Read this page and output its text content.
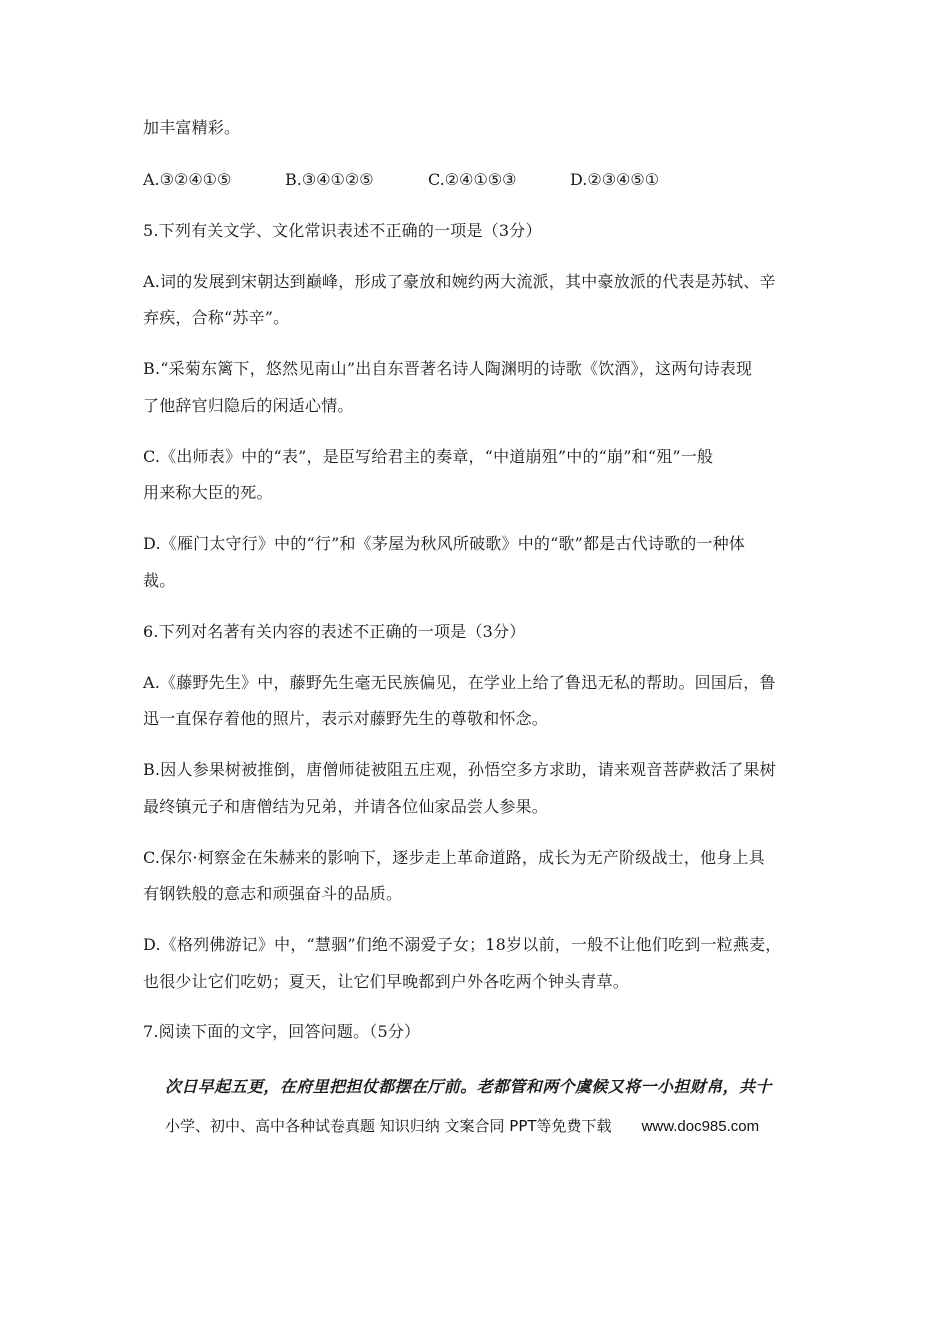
加丰富精彩。
A.③②④①⑤	B.③④①②⑤	C.②④①⑤③	D.②③④⑤①
5.下列有关文学、文化常识表述不正确的一项是（3分）
A.词的发展到宋朝达到巅峰，形成了豪放和婉约两大流派，其中豪放派的代表是苏轼、辛
弃疾，合称“苏辛”。
B.“采菊东篱下，悠然见南山”出自东晋著名诗人陶渊明的诗歌《饮酒》，这两句诗表现
了他辞官归隐后的闲适心情。
C.《出师表》中的“表”，是臣写给君主的奏章，“中道崩殂”中的“崩”和“殂”一般
用来称大臣的死。
D.《雁门太守行》中的“行”和《茅屋为秋风所破歌》中的“歌”都是古代诗歌的一种体
裁。
6.下列对名著有关内容的表述不正确的一项是（3分）
A.《藤野先生》中，藤野先生毫无民族偏见，在学业上给了鲁迅无私的帮助。回国后，鲁
迅一直保存着他的照片，表示对藤野先生的尊敬和怀念。
B.因人参果树被推倒，唐僧师徒被阻五庄观，孙悟空多方求助，请来观音菩萨救活了果树
最终镇元子和唐僧结为兄弟，并请各位仙家品尝人参果。
C.保尔·柯察金在朱赫来的影响下，逐步走上革命道路，成长为无产阶级战士，他身上具
有钢铁般的意志和顽强奋斗的品质。
D.《格列佛游记》中，“慧骃”们绝不溺爱子女；18岁以前，一般不让他们吃到一粒燕麦，
也很少让它们吃奶；夏天，让它们早晚都到户外各吃两个钟头青草。
7.阅读下面的文字，回答问题。（5分）
次日早起五更，在府里把担仗都摆在厅前。老都管和两个虞候又将一小担财帛，共十
小学、初中、高中各种试卷真题 知识归纳 文案合同 PPT等免费下载 www.doc985.com
